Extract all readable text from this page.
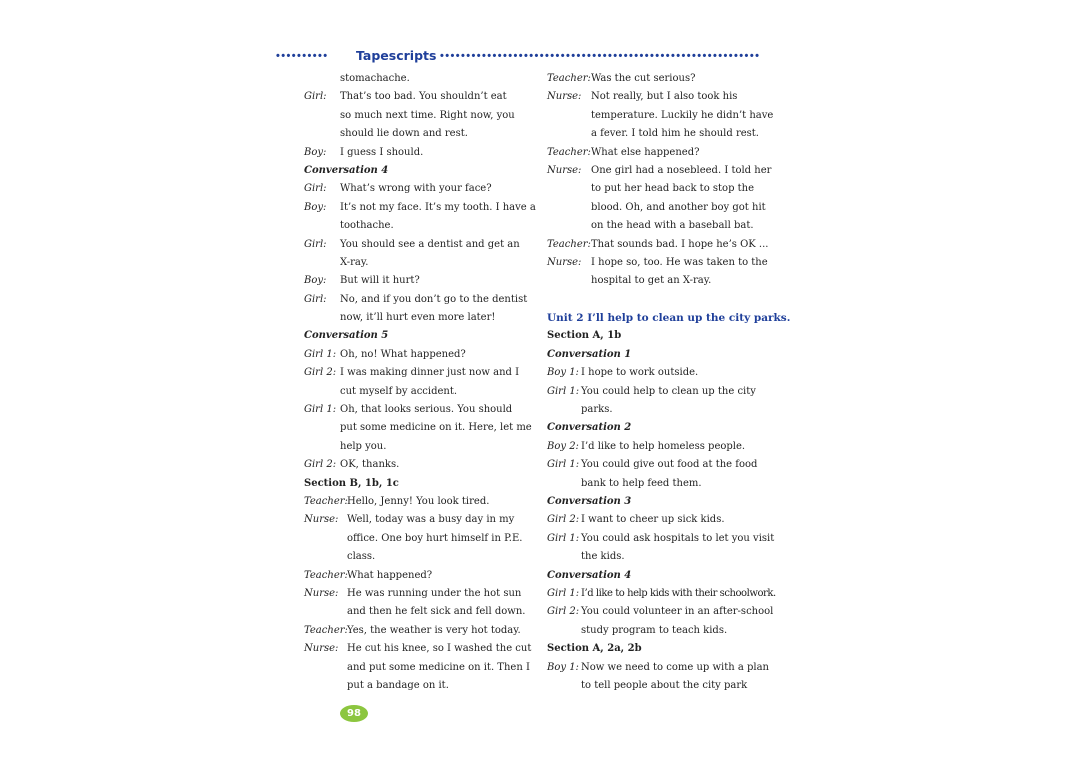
•••••••••• Tapescripts •••••••••••••••••••••••••••••••••••••••••••••••••••••••••••••
stomachache.
Girl: That’s too bad. You shouldn’t eat
so much next time. Right now, you
should lie down and rest.
Boy: I guess I should.
Conversation 4
Girl: What’s wrong with your face?
Boy: It’s not my face. It’s my tooth. I have a
toothache.
Girl: You should see a dentist and get an
X-ray.
Boy: But will it hurt?
Girl: No, and if you don’t go to the dentist
now, it’ll hurt even more later!
Conversation 5
Girl 1: Oh, no! What happened?
Girl 2: I was making dinner just now and I
cut myself by accident.
Girl 1: Oh, that looks serious. You should
put some medicine on it. Here, let me
help you.
Girl 2: OK, thanks.
Section B, 1b, 1c
Teacher: Hello, Jenny! You look tired.
Nurse: Well, today was a busy day in my
office. One boy hurt himself in P.E.
class.
Teacher: What happened?
Nurse: He was running under the hot sun
and then he felt sick and fell down.
Teacher: Yes, the weather is very hot today.
Nurse: He cut his knee, so I washed the cut
and put some medicine on it. Then I
put a bandage on it.
Teacher: Was the cut serious?
Nurse: Not really, but I also took his
temperature. Luckily he didn’t have
a fever. I told him he should rest.
Teacher: What else happened?
Nurse: One girl had a nosebleed. I told her
to put her head back to stop the
blood. Oh, and another boy got hit
on the head with a baseball bat.
Teacher: That sounds bad. I hope he’s OK ...
Nurse: I hope so, too. He was taken to the
hospital to get an X-ray.
Unit 2 I’ll help to clean up the city parks.
Section A, 1b
Conversation 1
Boy 1: I hope to work outside.
Girl 1: You could help to clean up the city
parks.
Conversation 2
Boy 2: I’d like to help homeless people.
Girl 1: You could give out food at the food
bank to help feed them.
Conversation 3
Girl 2: I want to cheer up sick kids.
Girl 1: You could ask hospitals to let you visit
the kids.
Conversation 4
Girl 1: I’d like to help kids with their schoolwork.
Girl 2: You could volunteer in an after-school
study program to teach kids.
Section A, 2a, 2b
Boy 1: Now we need to come up with a plan
to tell people about the city park
98
